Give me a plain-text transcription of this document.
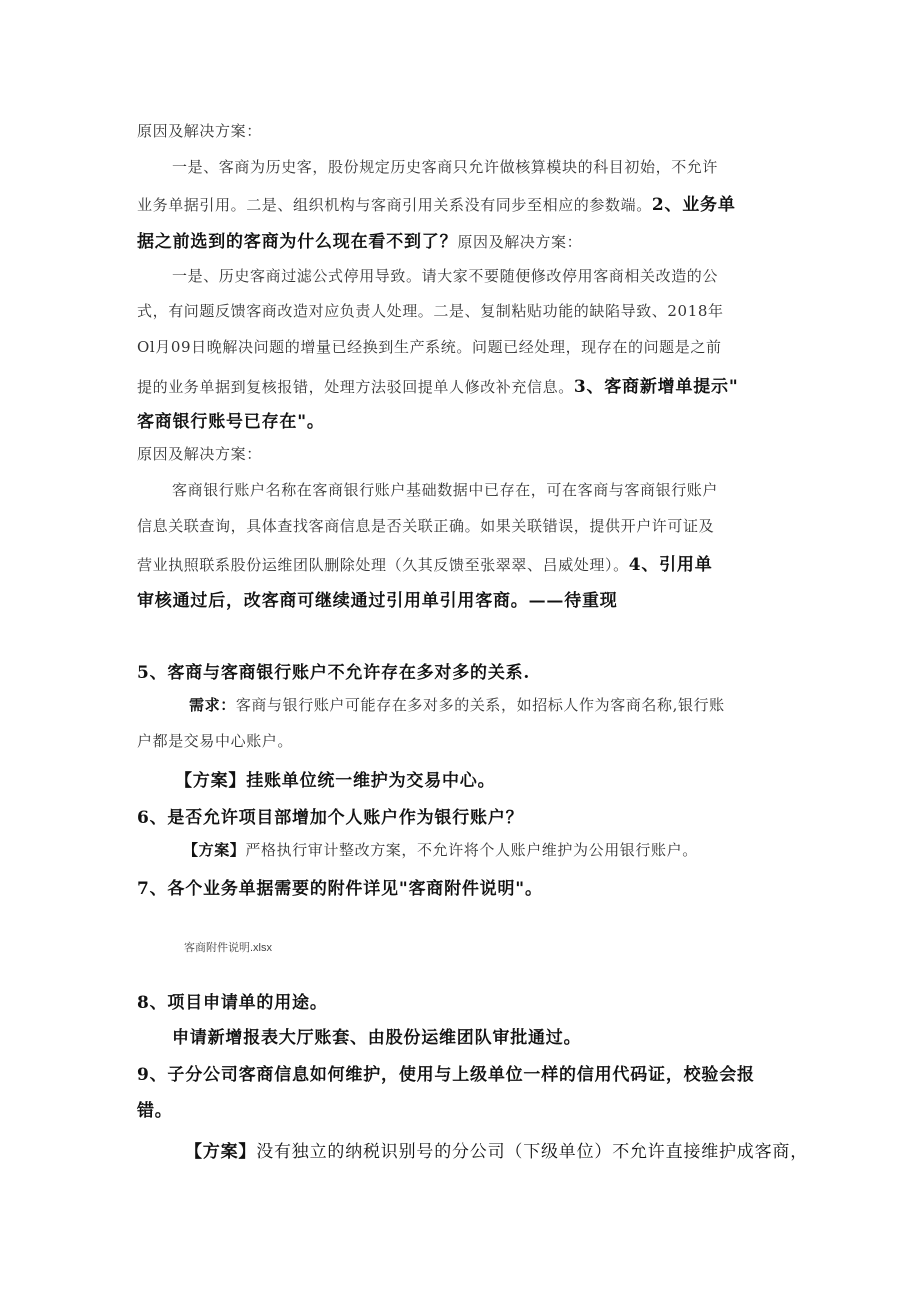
原因及解决方案：
一是、客商为历史客，股份规定历史客商只允许做核算模块的科目初始，不允许
业务单据引用。二是、组织机构与客商引用关系没有同步至相应的参数端。2、业务单
据之前选到的客商为什么现在看不到了？原因及解决方案：
一是、历史客商过滤公式停用导致。请大家不要随便修改停用客商相关改造的公
式，有问题反馈客商改造对应负责人处理。二是、复制粘贴功能的缺陷导致、2018年
Ol月09日晚解决问题的增量已经换到生产系统。问题已经处理，现存在的问题是之前
提的业务单据到复核报错，处理方法驳回提单人修改补充信息。3、客商新增单提示"
客商银行账号已存在"。
原因及解决方案：
客商银行账户名称在客商银行账户基础数据中已存在，可在客商与客商银行账户
信息关联查询，具体查找客商信息是否关联正确。如果关联错误，提供开户许可证及
营业执照联系股份运维团队删除处理（久其反馈至张翠翠、吕威处理）。4、引用单
审核通过后，改客商可继续通过引用单引用客商。——待重现
5、客商与客商银行账户不允许存在多对多的关系.
需求：客商与银行账户可能存在多对多的关系，如招标人作为客商名称,银行账
户都是交易中心账户。
【方案】挂账单位统一维护为交易中心。
6、是否允许项目部增加个人账户作为银行账户？
【方案】严格执行审计整改方案，不允许将个人账户维护为公用银行账户。
7、各个业务单据需要的附件详见"客商附件说明"。
客商附件说明.xlsx
8、项目申请单的用途。
申请新增报表大厅账套、由股份运维团队审批通过。
9、子分公司客商信息如何维护，使用与上级单位一样的信用代码证，校验会报
错。
【方案】没有独立的纳税识别号的分公司（下级单位）不允许直接维护成客商，
